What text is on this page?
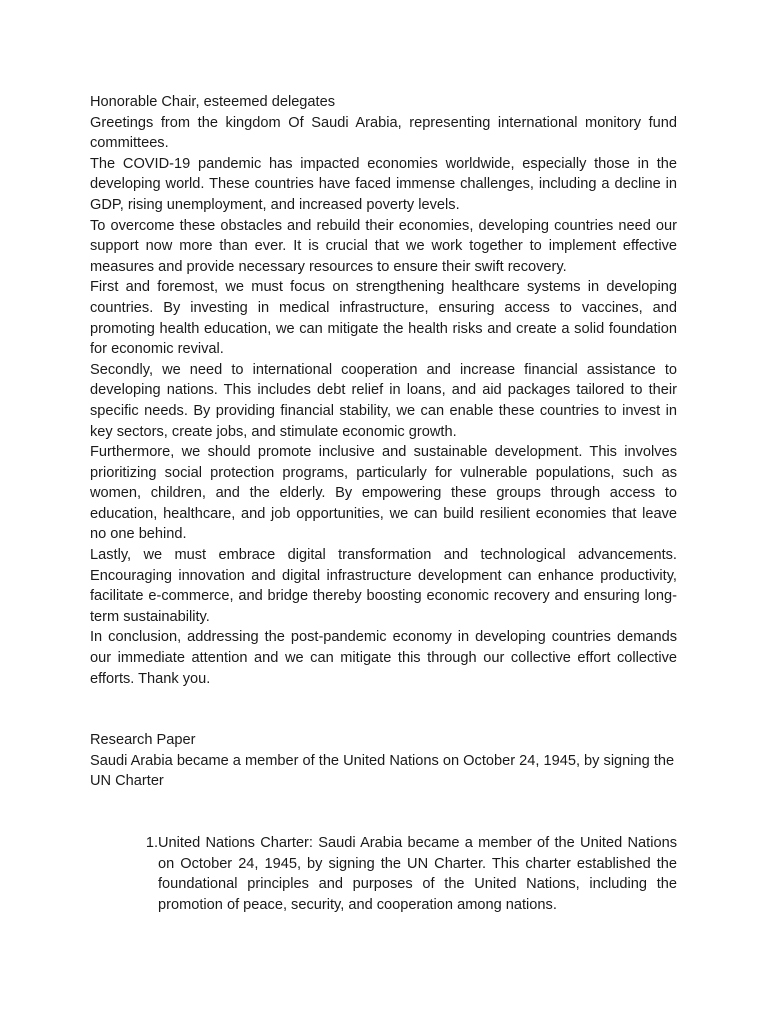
Honorable Chair, esteemed delegates

Greetings from the kingdom Of Saudi Arabia, representing international monitory fund committees.

The COVID-19 pandemic has impacted economies worldwide, especially those in the developing world. These countries have faced immense challenges, including a decline in GDP, rising unemployment, and increased poverty levels.

To overcome these obstacles and rebuild their economies, developing countries need our support now more than ever. It is crucial that we work together to implement effective measures and provide necessary resources to ensure their swift recovery.

First and foremost, we must focus on strengthening healthcare systems in developing countries. By investing in medical infrastructure, ensuring access to vaccines, and promoting health education, we can mitigate the health risks and create a solid foundation for economic revival.

Secondly, we need to international cooperation and increase financial assistance to developing nations. This includes debt relief in loans, and aid packages tailored to their specific needs. By providing financial stability, we can enable these countries to invest in key sectors, create jobs, and stimulate economic growth.

Furthermore, we should promote inclusive and sustainable development. This involves prioritizing social protection programs, particularly for vulnerable populations, such as women, children, and the elderly. By empowering these groups through access to education, healthcare, and job opportunities, we can build resilient economies that leave no one behind.

Lastly, we must embrace digital transformation and technological advancements. Encouraging innovation and digital infrastructure development can enhance productivity, facilitate e-commerce, and bridge thereby boosting economic recovery and ensuring long-term sustainability.

In conclusion, addressing the post-pandemic economy in developing countries demands our immediate attention and we can mitigate this through our collective effort collective efforts. Thank you.

Research Paper

Saudi Arabia became a member of the United Nations on October 24, 1945, by signing the UN Charter

1. United Nations Charter: Saudi Arabia became a member of the United Nations on October 24, 1945, by signing the UN Charter. This charter established the foundational principles and purposes of the United Nations, including the promotion of peace, security, and cooperation among nations.
